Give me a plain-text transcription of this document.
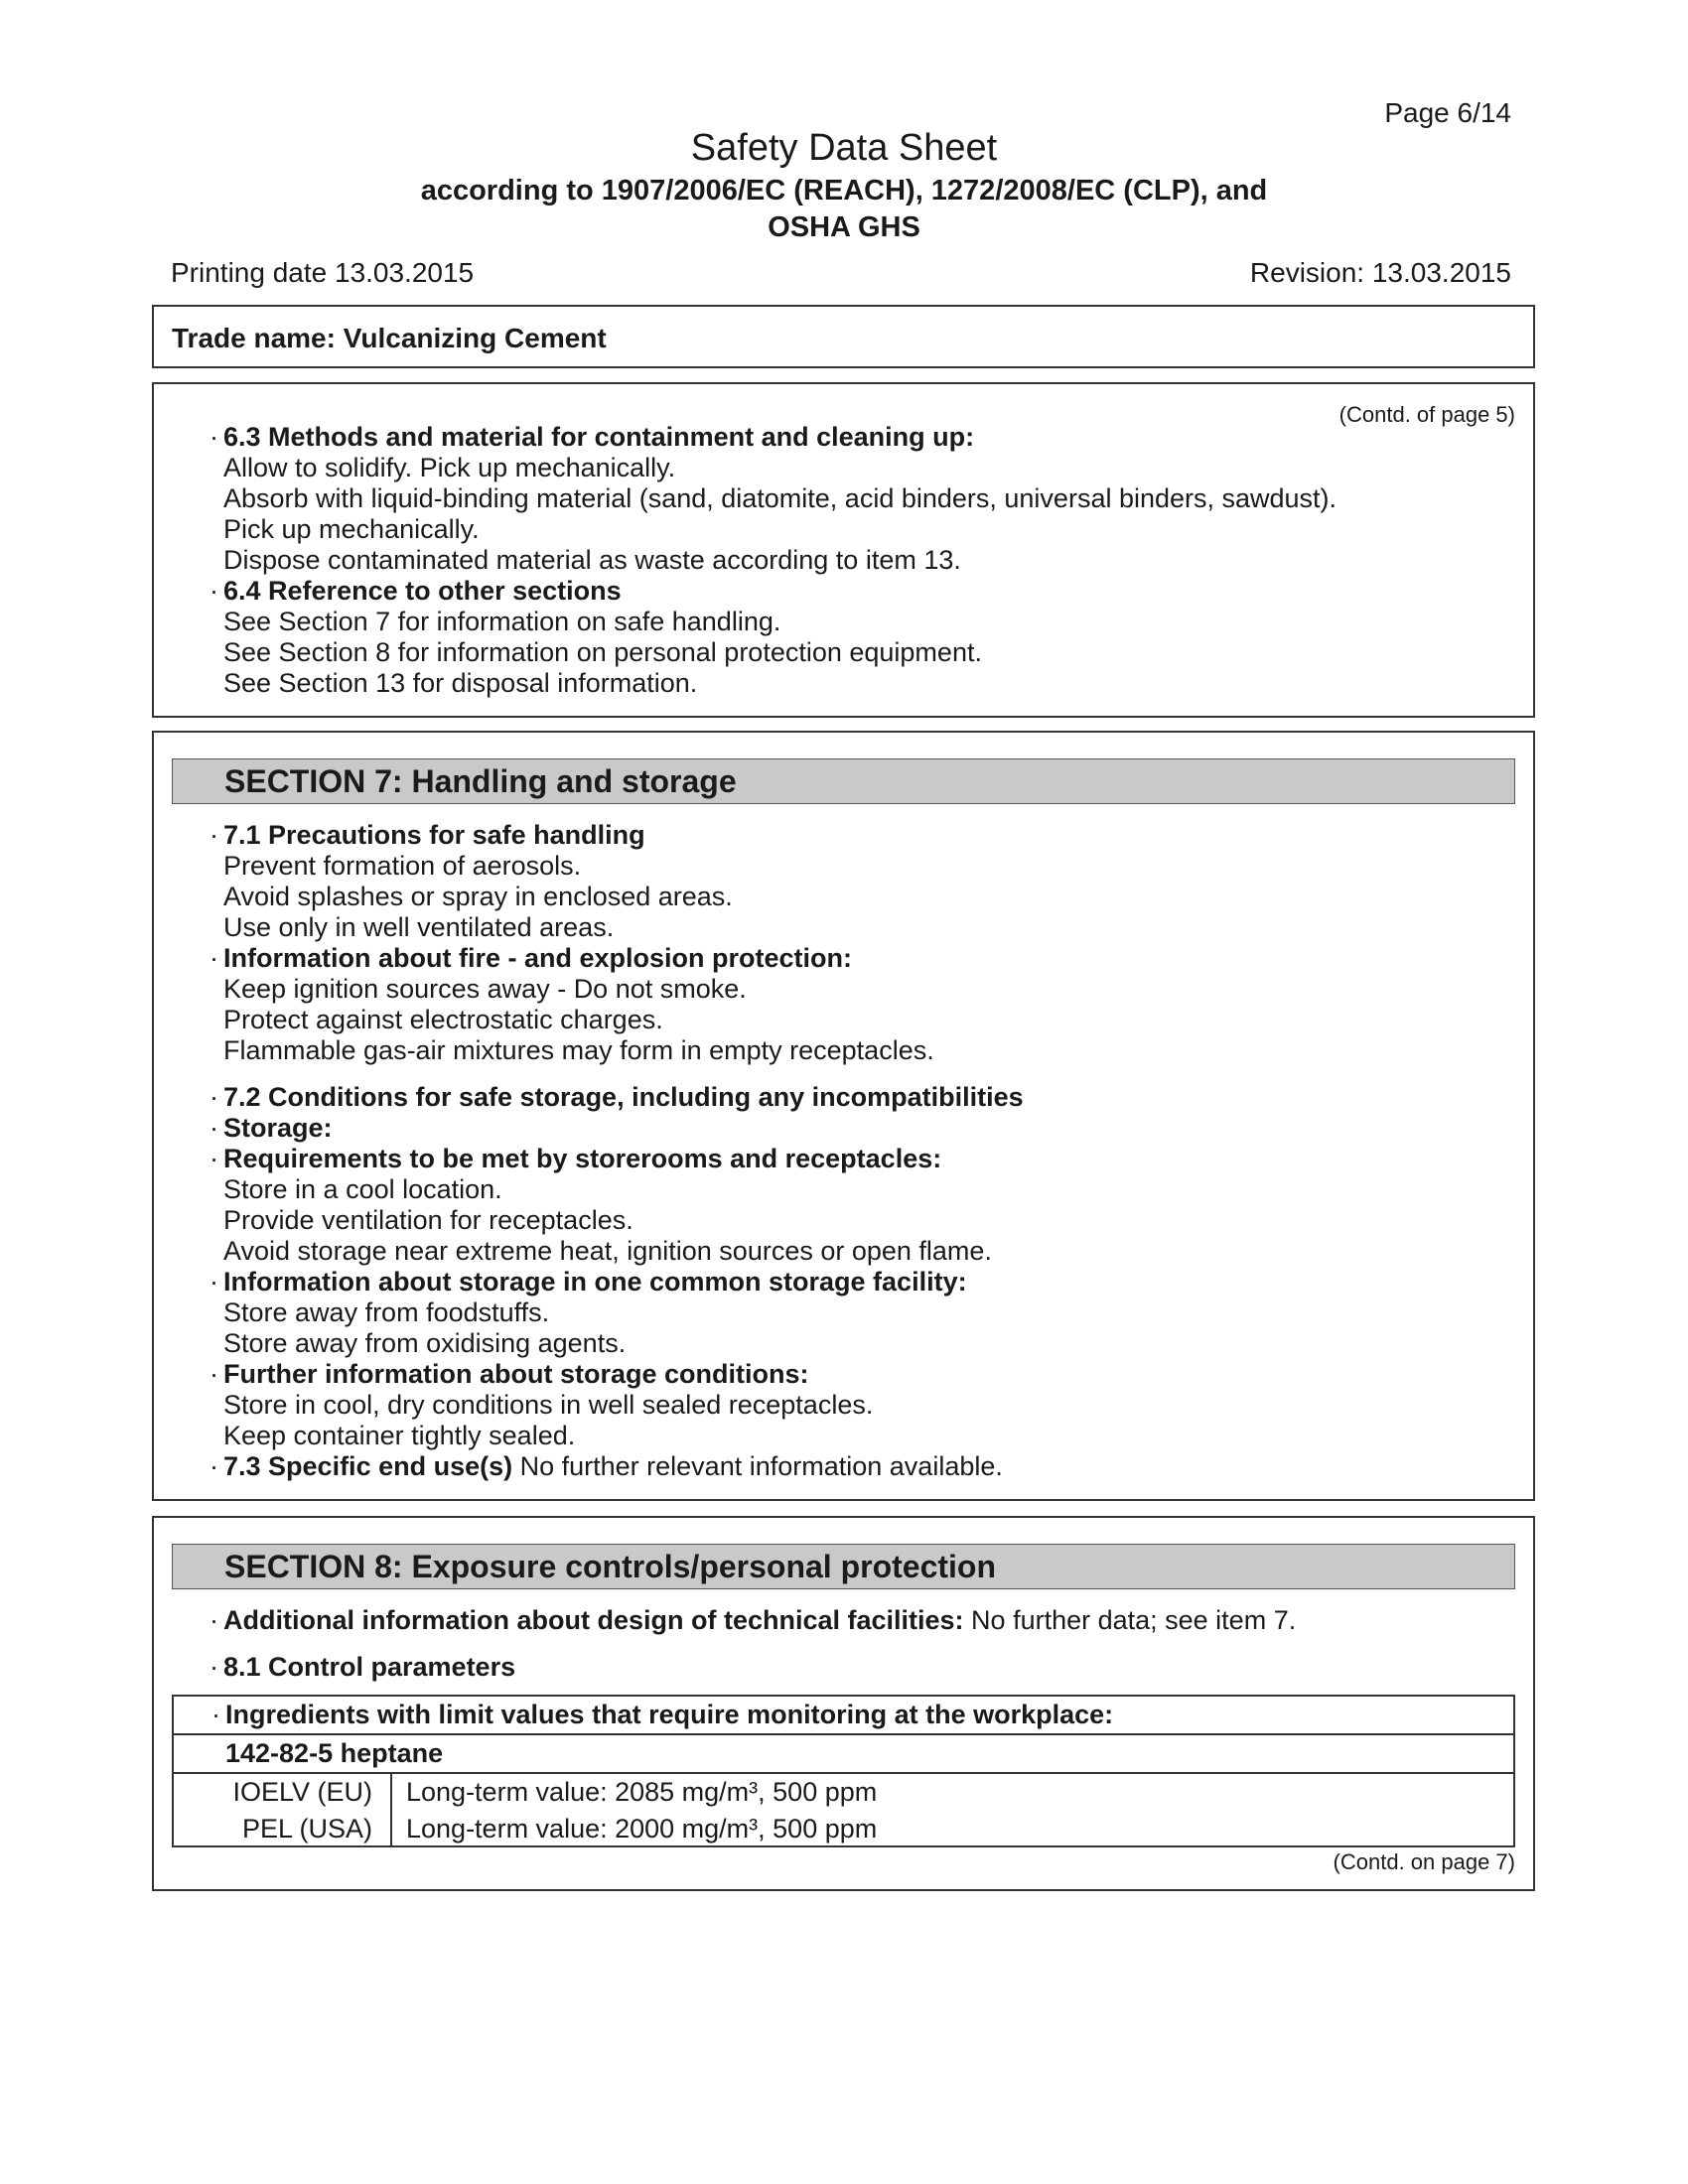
Page 6/14
Safety Data Sheet
according to 1907/2006/EC (REACH), 1272/2008/EC (CLP), and
OSHA GHS
Printing date 13.03.2015	Revision: 13.03.2015
Trade name: Vulcanizing Cement
(Contd. of page 5)
· 6.3 Methods and material for containment and cleaning up:
Allow to solidify. Pick up mechanically.
Absorb with liquid-binding material (sand, diatomite, acid binders, universal binders, sawdust).
Pick up mechanically.
Dispose contaminated material as waste according to item 13.
· 6.4 Reference to other sections
See Section 7 for information on safe handling.
See Section 8 for information on personal protection equipment.
See Section 13 for disposal information.
SECTION 7: Handling and storage
· 7.1 Precautions for safe handling
Prevent formation of aerosols.
Avoid splashes or spray in enclosed areas.
Use only in well ventilated areas.
· Information about fire - and explosion protection:
Keep ignition sources away - Do not smoke.
Protect against electrostatic charges.
Flammable gas-air mixtures may form in empty receptacles.
· 7.2 Conditions for safe storage, including any incompatibilities
· Storage:
· Requirements to be met by storerooms and receptacles:
Store in a cool location.
Provide ventilation for receptacles.
Avoid storage near extreme heat, ignition sources or open flame.
· Information about storage in one common storage facility:
Store away from foodstuffs.
Store away from oxidising agents.
· Further information about storage conditions:
Store in cool, dry conditions in well sealed receptacles.
Keep container tightly sealed.
· 7.3 Specific end use(s) No further relevant information available.
SECTION 8: Exposure controls/personal protection
· Additional information about design of technical facilities: No further data; see item 7.
· 8.1 Control parameters
· Ingredients with limit values that require monitoring at the workplace:
142-82-5 heptane
IOELV (EU)	Long-term value: 2085 mg/m³, 500 ppm
PEL (USA)	Long-term value: 2000 mg/m³, 500 ppm
(Contd. on page 7)
